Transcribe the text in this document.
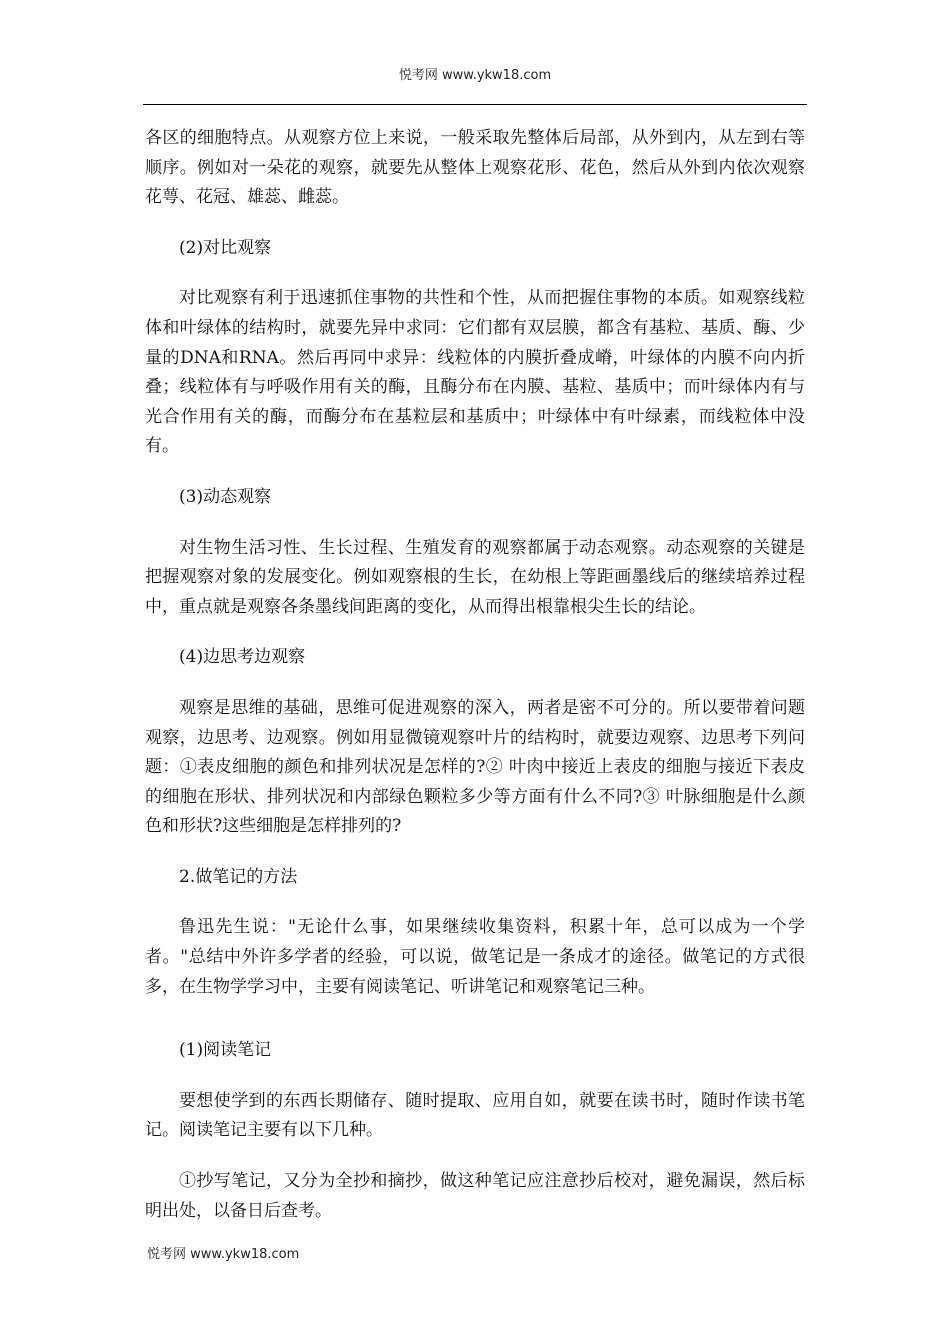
悦考网 www.ykw18.com

各区的细胞特点。从观察方位上来说，一般采取先整体后局部，从外到内，从左到右等顺序。例如对一朵花的观察，就要先从整体上观察花形、花色，然后从外到内依次观察花萼、花冠、雄蕊、雌蕊。

(2)对比观察

对比观察有利于迅速抓住事物的共性和个性，从而把握住事物的本质。如观察线粒体和叶绿体的结构时，就要先异中求同：它们都有双层膜，都含有基粒、基质、酶、少量的DNA和RNA。然后再同中求异：线粒体的内膜折叠成嵴，叶绿体的内膜不向内折叠；线粒体有与呼吸作用有关的酶，且酶分布在内膜、基粒、基质中；而叶绿体内有与光合作用有关的酶，而酶分布在基粒层和基质中；叶绿体中有叶绿素，而线粒体中没有。

(3)动态观察

对生物生活习性、生长过程、生殖发育的观察都属于动态观察。动态观察的关键是把握观察对象的发展变化。例如观察根的生长，在幼根上等距画墨线后的继续培养过程中，重点就是观察各条墨线间距离的变化，从而得出根靠根尖生长的结论。

(4)边思考边观察

观察是思维的基础，思维可促进观察的深入，两者是密不可分的。所以要带着问题观察，边思考、边观察。例如用显微镜观察叶片的结构时，就要边观察、边思考下列问题：①表皮细胞的颜色和排列状况是怎样的?② 叶肉中接近上表皮的细胞与接近下表皮的细胞在形状、排列状况和内部绿色颗粒多少等方面有什么不同?③ 叶脉细胞是什么颜色和形状?这些细胞是怎样排列的?

2.做笔记的方法

鲁迅先生说："无论什么事，如果继续收集资料，积累十年，总可以成为一个学者。"总结中外许多学者的经验，可以说，做笔记是一条成才的途径。做笔记的方式很多，在生物学学习中，主要有阅读笔记、听讲笔记和观察笔记三种。

(1)阅读笔记

要想使学到的东西长期储存、随时提取、应用自如，就要在读书时，随时作读书笔记。阅读笔记主要有以下几种。

①抄写笔记，又分为全抄和摘抄，做这种笔记应注意抄后校对，避免漏误，然后标明出处，以备日后查考。

悦考网 www.ykw18.com
